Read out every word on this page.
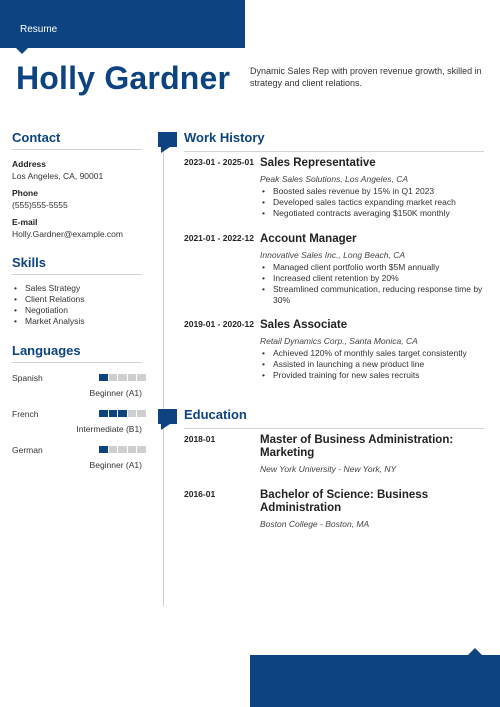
Resume
Holly Gardner Dynamic Sales Rep with proven revenue growth, skilled in strategy and client relations.
Contact
Address
Los Angeles, CA, 90001
Phone
(555)555-5555
E-mail
Holly.Gardner@example.com
Skills
• Sales Strategy
• Client Relations
• Negotiation
• Market Analysis
Languages
Spanish
Beginner (A1)
French
Intermediate (B1)
German
Beginner (A1)
Work History
2023-01 - 2025-01 Sales Representative
Peak Sales Solutions, Los Angeles, CA
• Boosted sales revenue by 15% in Q1 2023
• Developed sales tactics expanding market reach
• Negotiated contracts averaging $150K monthly
2021-01 - 2022-12 Account Manager
Innovative Sales Inc., Long Beach, CA
• Managed client portfolio worth $5M annually
• Increased client retention by 20%
• Streamlined communication, reducing response time by 30%
2019-01 - 2020-12 Sales Associate
Retail Dynamics Corp., Santa Monica, CA
• Achieved 120% of monthly sales target consistently
• Assisted in launching a new product line
• Provided training for new sales recruits
Education
2018-01	Master of Business Administration: Marketing
New York University - New York, NY
2016-01	Bachelor of Science: Business Administration
Boston College - Boston, MA
